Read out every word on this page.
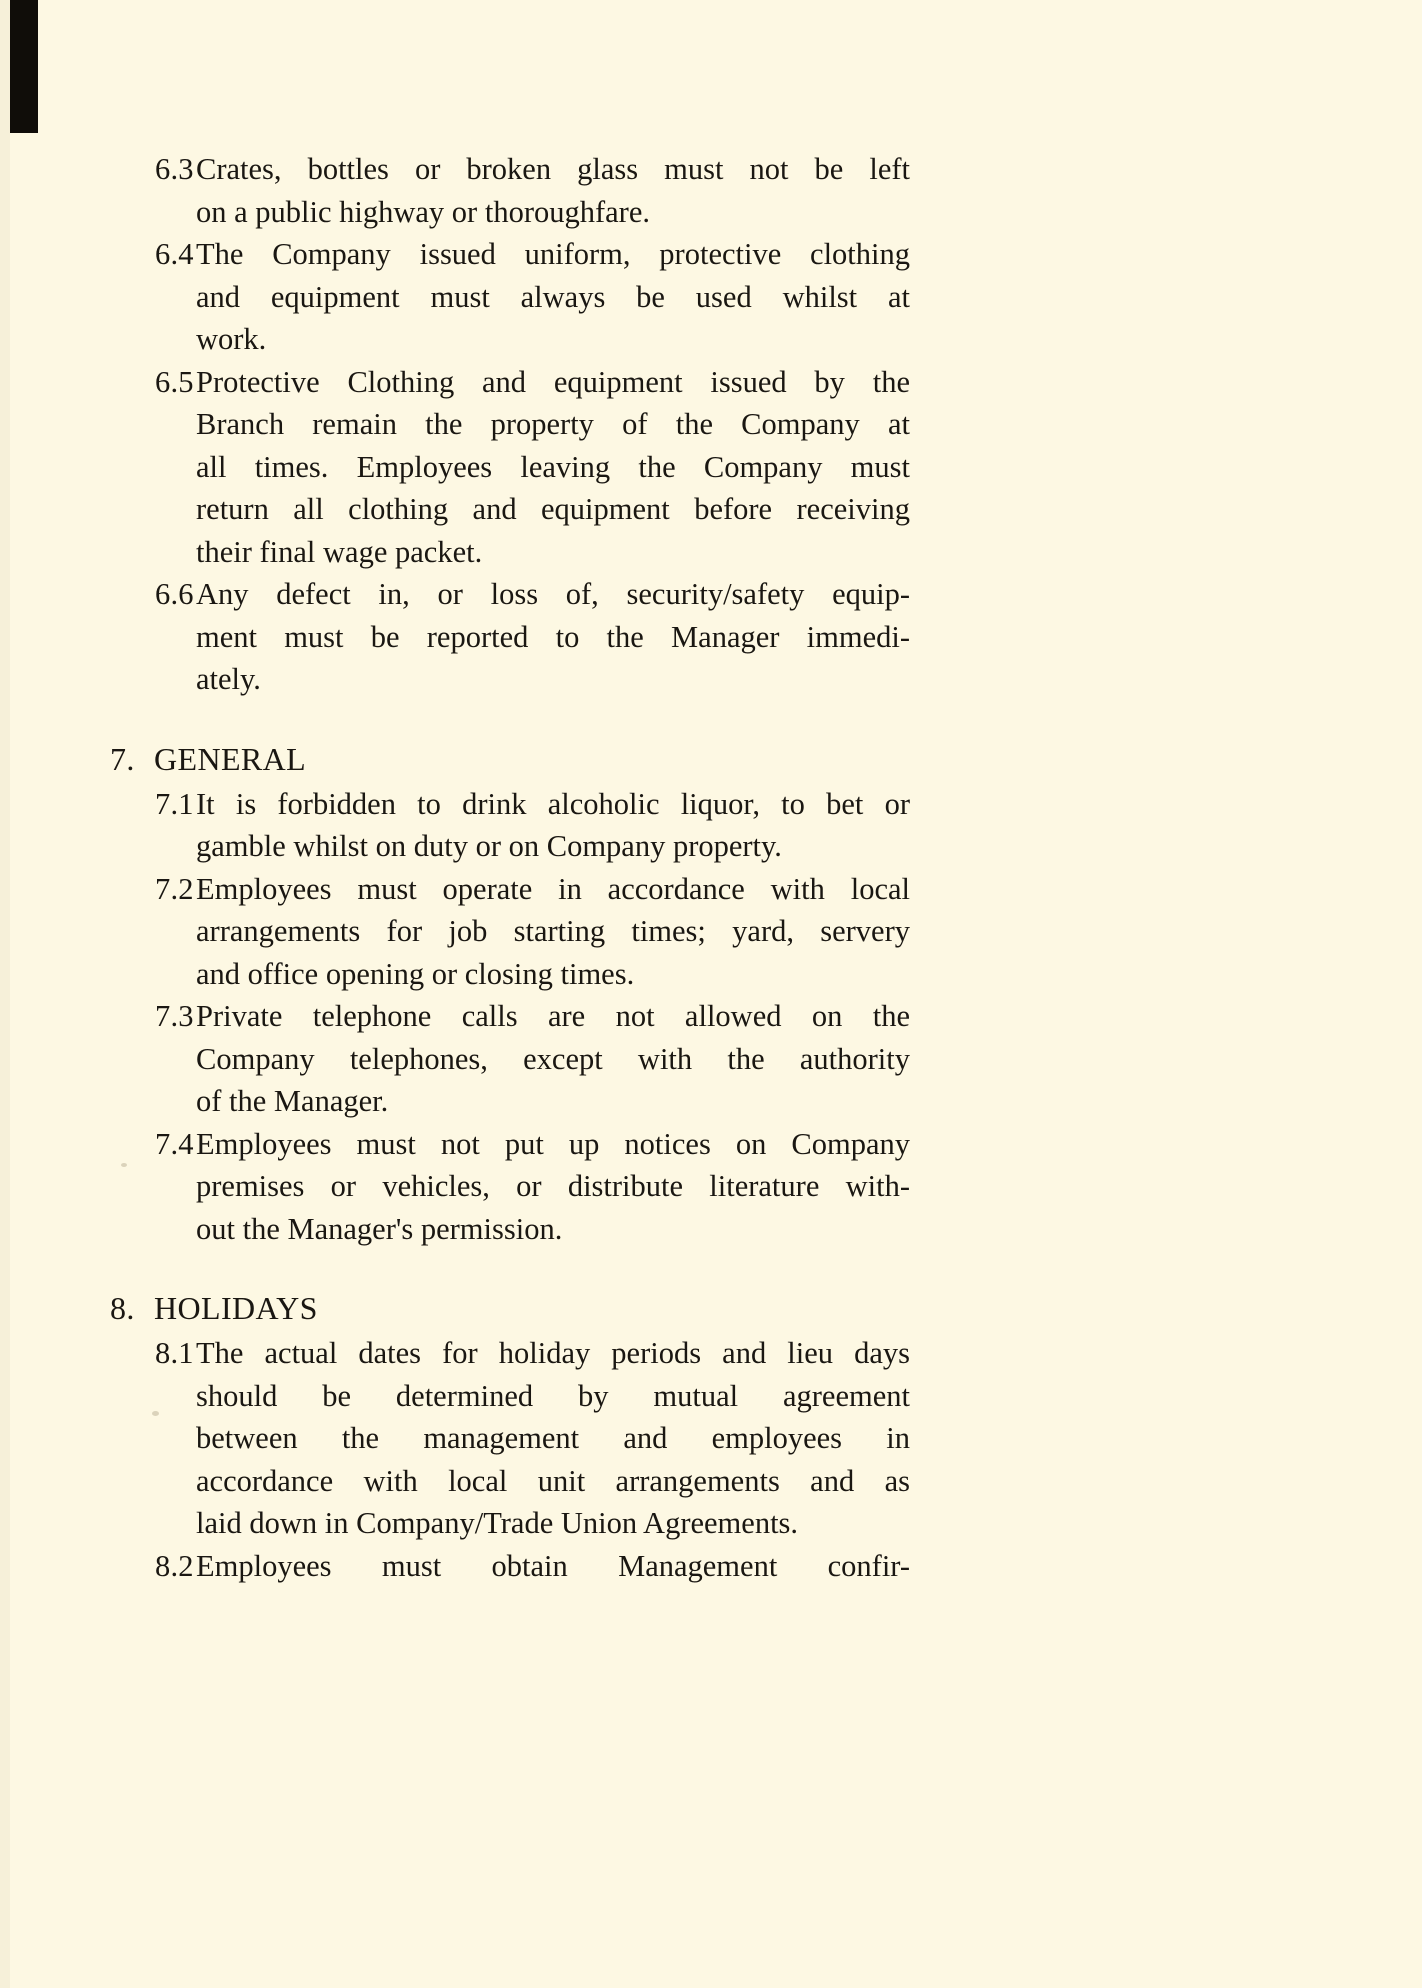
6.3 Crates, bottles or broken glass must not be left
on a public highway or thoroughfare.
6.4 The Company issued uniform, protective clothing
and equipment must always be used whilst at
work.
6.5 Protective Clothing and equipment issued by the
Branch remain the property of the Company at
all times. Employees leaving the Company must
return all clothing and equipment before receiving
their final wage packet.
6.6 Any defect in, or loss of, security/safety equip-
ment must be reported to the Manager immedi-
ately.
7. GENERAL
7.1 It is forbidden to drink alcoholic liquor, to bet or
gamble whilst on duty or on Company property.
7.2 Employees must operate in accordance with local
arrangements for job starting times; yard, servery
and office opening or closing times.
7.3 Private telephone calls are not allowed on the
Company telephones, except with the authority
of the Manager.
7.4 Employees must not put up notices on Company
premises or vehicles, or distribute literature with-
out the Manager's permission.
8. HOLIDAYS
8.1 The actual dates for holiday periods and lieu days
should be determined by mutual agreement
between the management and employees in
accordance with local unit arrangements and as
laid down in Company/Trade Union Agreements.
8.2 Employees must obtain Management confir-
